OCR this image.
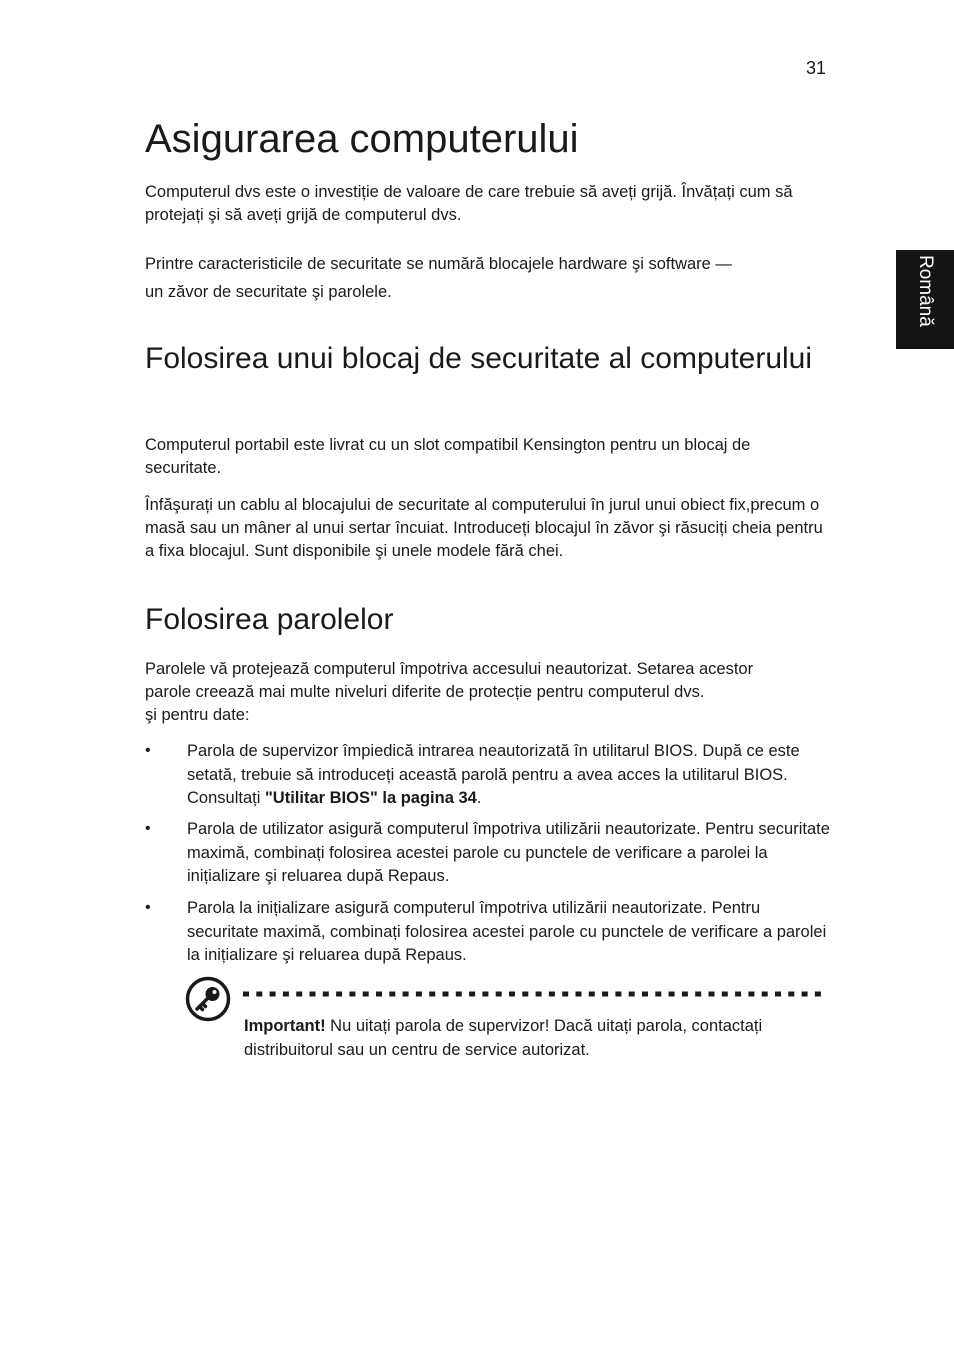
31
Română
Asigurarea computerului

Computerul dvs este o investiție de valoare de care trebuie să aveți grijă. Învățați cum să protejați şi să aveți grijă de computerul dvs.

Printre caracteristicile de securitate se numără blocajele hardware şi software —

un zăvor de securitate şi parolele.

Folosirea unui blocaj de securitate al computerului

Computerul portabil este livrat cu un slot compatibil Kensington pentru un blocaj de securitate.

Înfăşurați un cablu al blocajului de securitate al computerului în jurul unui obiect fix,precum o masă sau un mâner al unui sertar încuiat. Introduceți blocajul în zăvor şi răsuciți cheia pentru a fixa blocajul. Sunt disponibile şi unele modele fără chei.

Folosirea parolelor

Parolele vă protejează computerul împotriva accesului neautorizat. Setarea acestor

parole creează mai multe niveluri diferite de protecție pentru computerul dvs.

şi pentru date:

• Parola de supervizor împiedică intrarea neautorizată în utilitarul BIOS. După ce este setată, trebuie să introduceți această parolă pentru a avea acces la utilitarul BIOS. Consultați "Utilitar BIOS" la pagina 34.
• Parola de utilizator asigură computerul împotriva utilizării neautorizate. Pentru securitate maximă, combinați folosirea acestei parole cu punctele de verificare a parolei la inițializare şi reluarea după Repaus.
• Parola la inițializare asigură computerul împotriva utilizării neautorizate. Pentru securitate maximă, combinați folosirea acestei parole cu punctele de verificare a parolei la inițializare şi reluarea după Repaus.
Important! Nu uitați parola de supervizor! Dacă uitați parola, contactați distribuitorul sau un centru de service autorizat.
